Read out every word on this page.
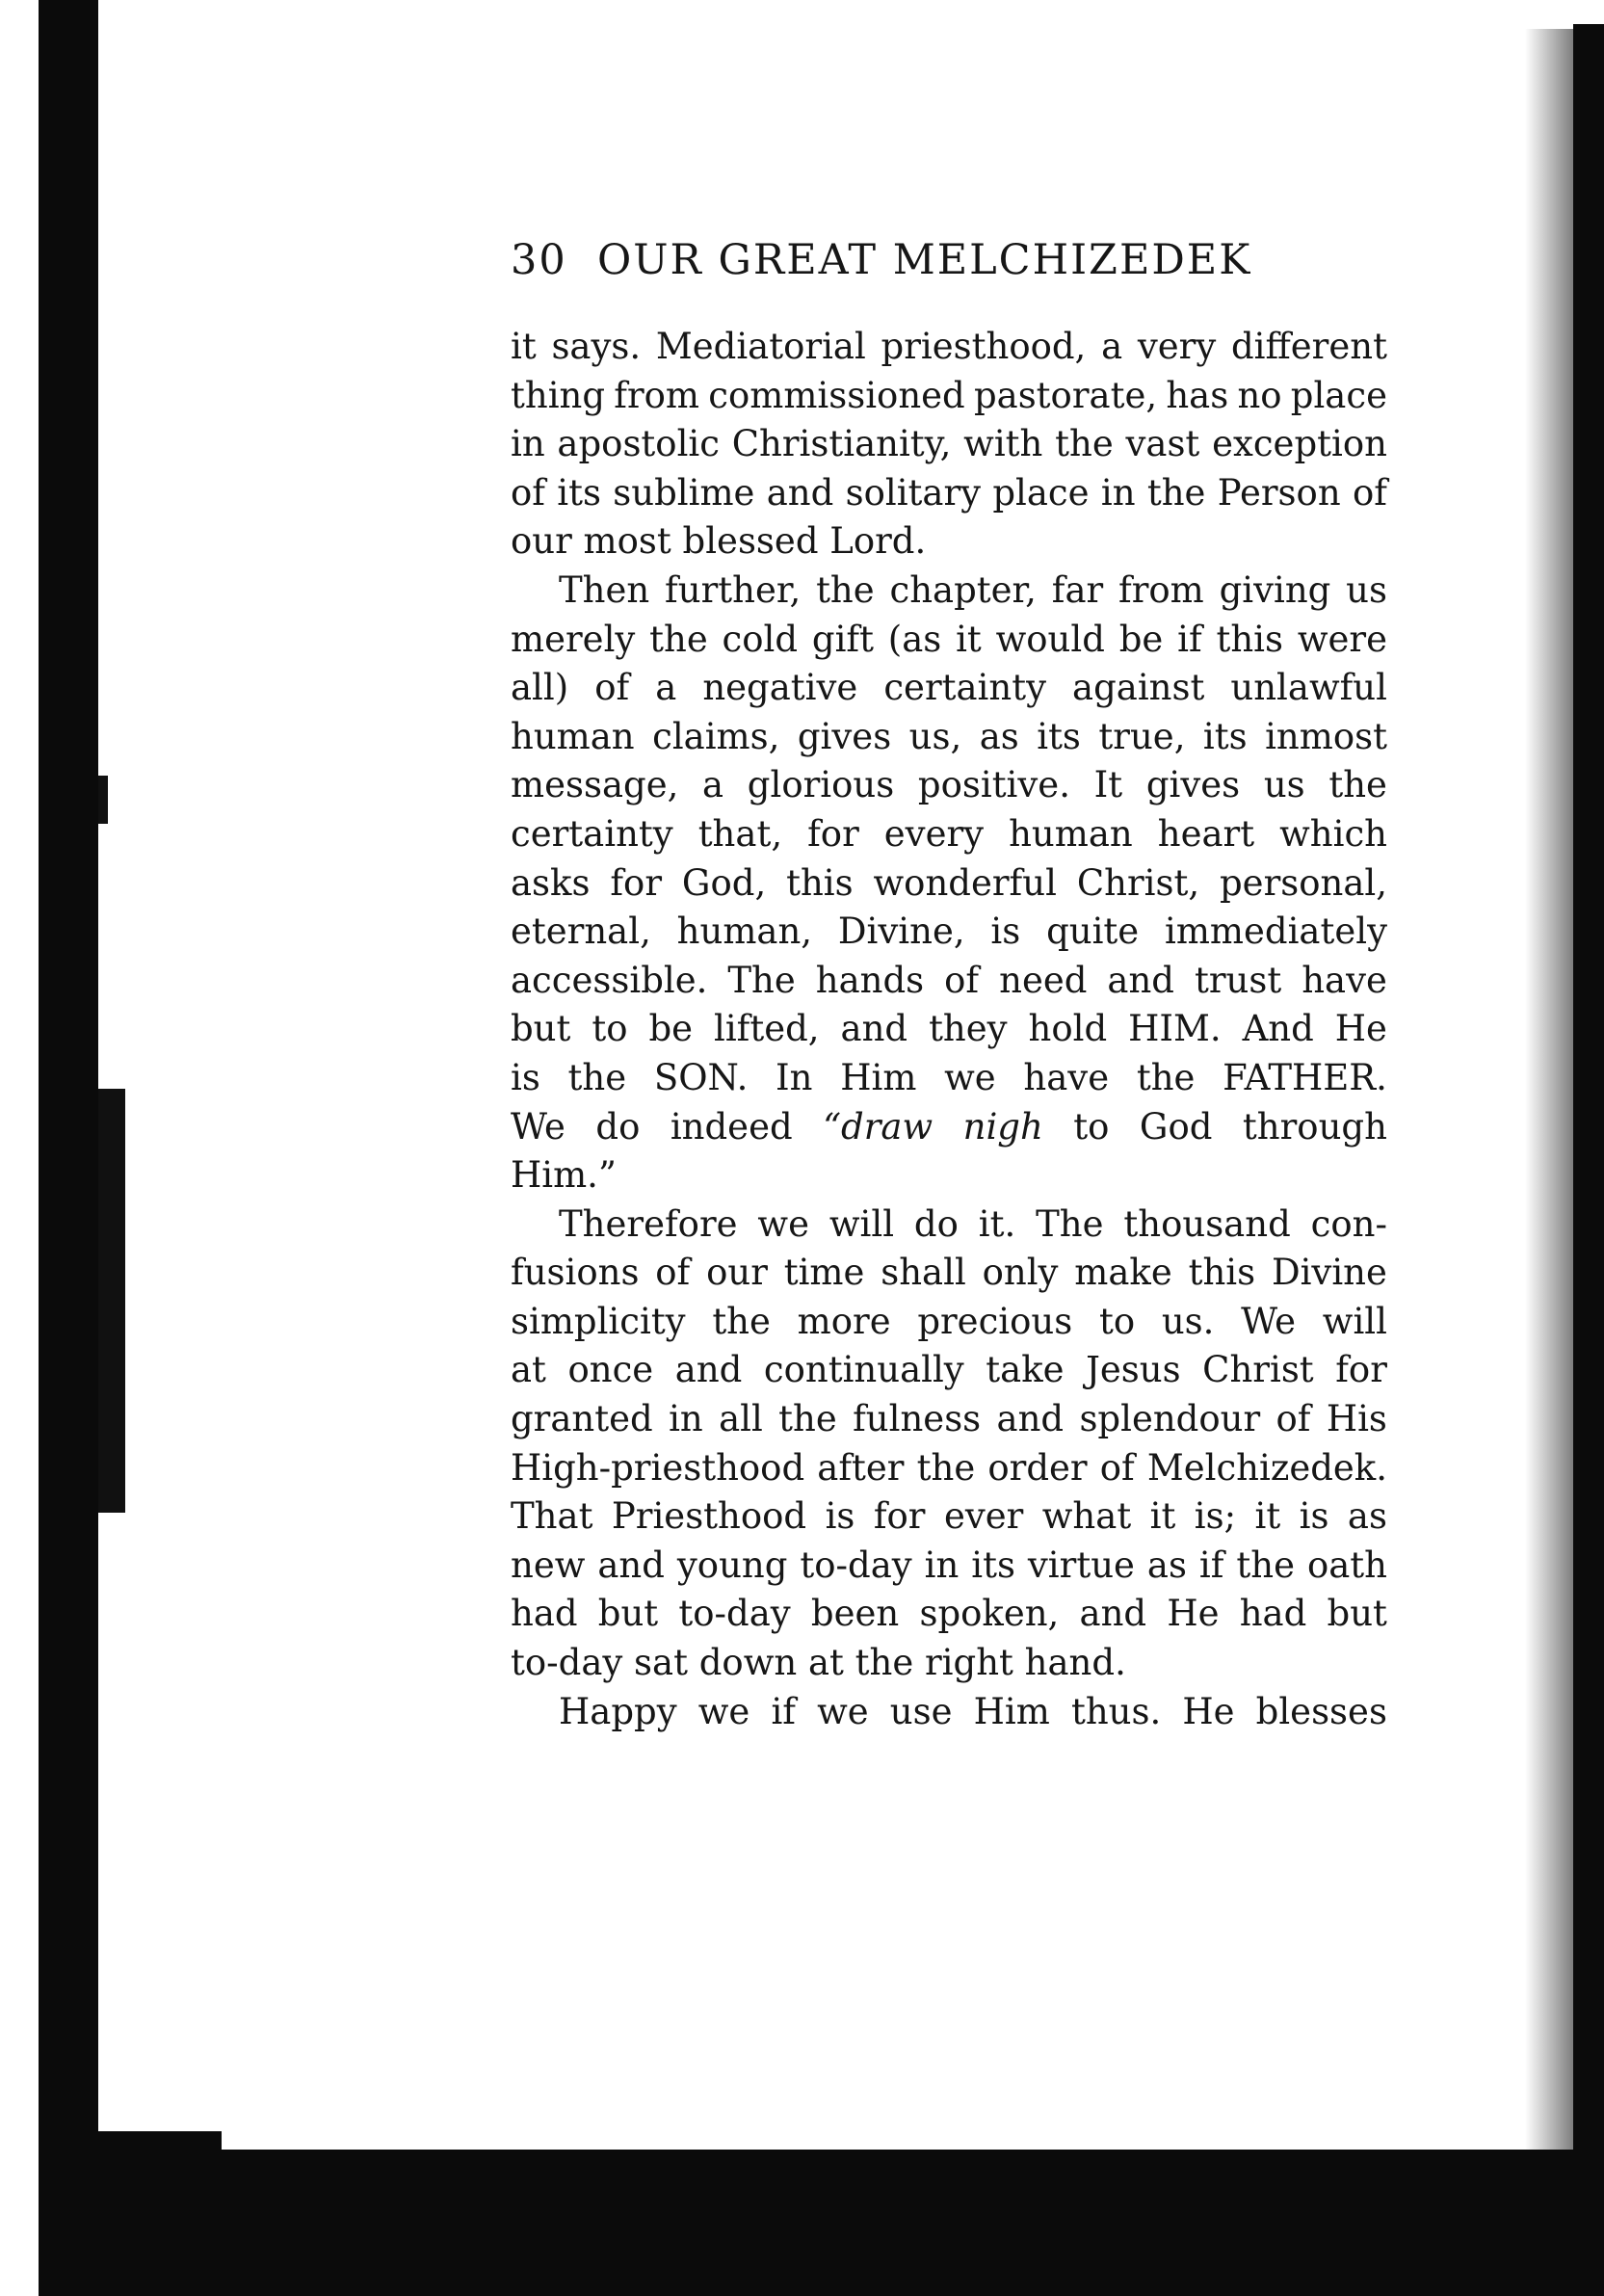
30 OUR GREAT MELCHIZEDEK
it says. Mediatorial priesthood, a very different
thing from commissioned pastorate, has no place
in apostolic Christianity, with the vast exception
of its sublime and solitary place in the Person of
our most blessed Lord.
Then further, the chapter, far from giving us
merely the cold gift (as it would be if this were
all) of a negative certainty against unlawful
human claims, gives us, as its true, its inmost
message, a glorious positive. It gives us the
certainty that, for every human heart which
asks for God, this wonderful Christ, personal,
eternal, human, Divine, is quite immediately
accessible. The hands of need and trust have
but to be lifted, and they hold HIM. And He
is the SON. In Him we have the FATHER.
We do indeed “draw nigh to God through
Him.”
Therefore we will do it. The thousand con-
fusions of our time shall only make this Divine
simplicity the more precious to us. We will
at once and continually take Jesus Christ for
granted in all the fulness and splendour of His
High-priesthood after the order of Melchizedek.
That Priesthood is for ever what it is; it is as
new and young to-day in its virtue as if the oath
had but to-day been spoken, and He had but
to-day sat down at the right hand.
Happy we if we use Him thus. He blesses
